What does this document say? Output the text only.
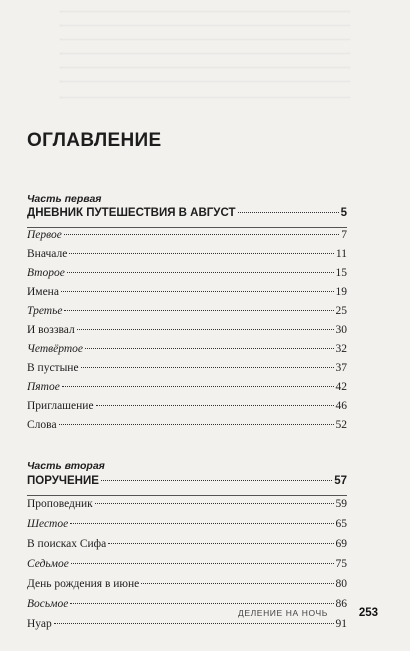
ОГЛАВЛЕНИЕ
Часть первая
ДНЕВНИК ПУТЕШЕСТВИЯ В АВГУСТ	5
Первое	7
Вначале	11
Второе	15
Имена	19
Третье	25
И воззвал	30
Четвёртое	32
В пустыне	37
Пятое	42
Приглашение	46
Слова	52
Часть вторая
ПОРУЧЕНИЕ	57
Проповедник	59
Шестое	65
В поисках Сифа	69
Седьмое	75
День рождения в июне	80
Восьмое	86
Нуар	91
ДЕЛЕНИЕ НА НОЧЬ	253
